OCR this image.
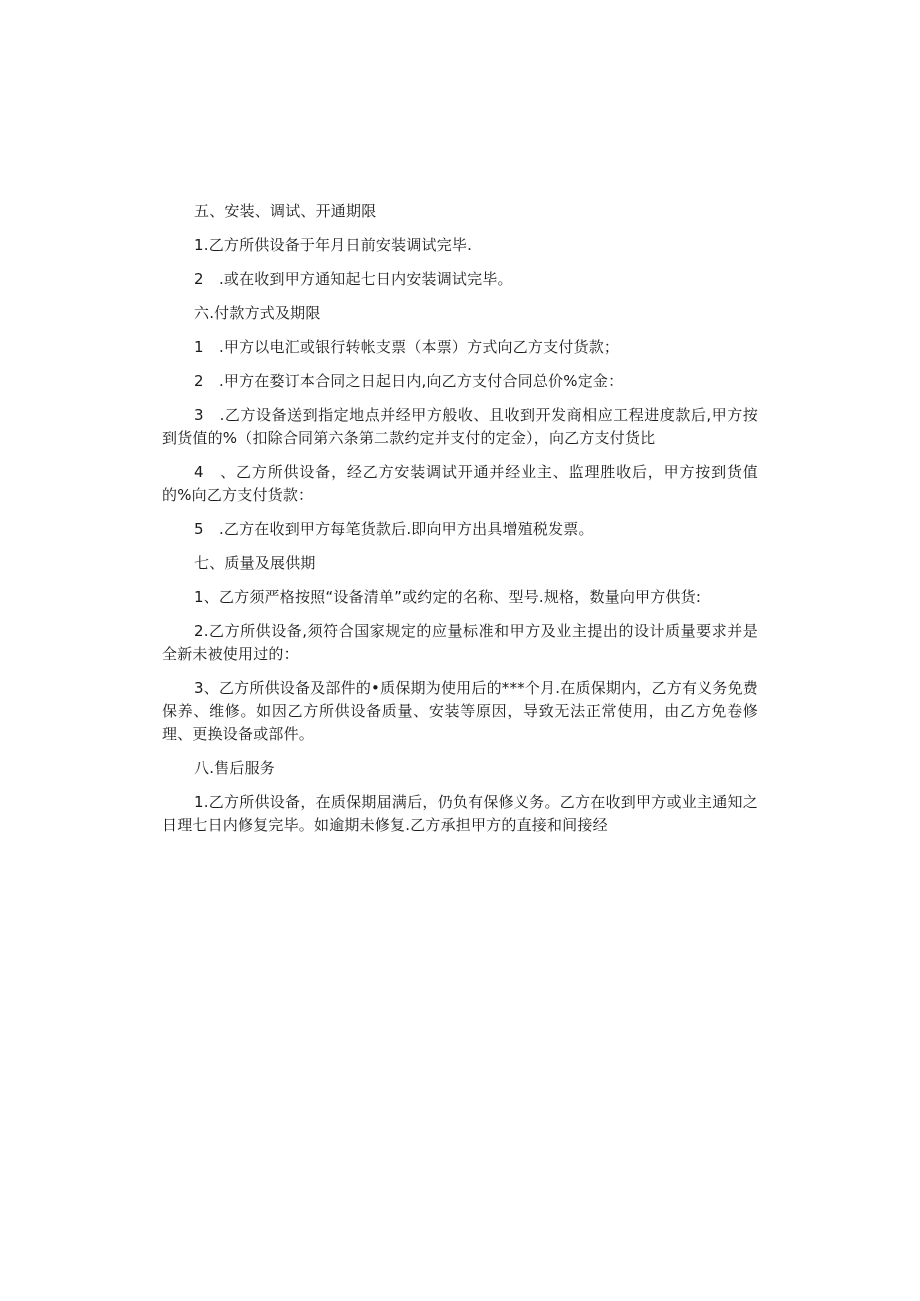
五、安装、调试、开通期限

1.乙方所供设备于年月日前安装调试完毕.

2　.或在收到甲方通知起七日内安装调试完毕。

六.付款方式及期限

1　.甲方以电汇或银行转帐支票（本票）方式向乙方支付货款；

2　.甲方在婺订本合同之日起日内,向乙方支付合同总价%定金：

3　.乙方设备送到指定地点并经甲方般收、且收到开发商相应工程进度款后,甲方按到货值的%（扣除合同第六条第二款约定并支付的定金），向乙方支付货比

4　、乙方所供设备，经乙方安装调试开通并经业主、监理胜收后，甲方按到货值的%向乙方支付货款：

5　.乙方在收到甲方每笔货款后.即向甲方出具增殖税发票。

七、质量及展供期

1、乙方须严格按照“设备清单”或约定的名称、型号.规格，数量向甲方供货:

2.乙方所供设备,须符合国家规定的应量标准和甲方及业主提出的设计质量要求并是全新未被使用过的：

3、乙方所供设备及部件的•质保期为使用后的***个月.在质保期内，乙方有义务免费保养、维修。如因乙方所供设备质量、安装等原因，导致无法正常使用，由乙方免卷修理、更换设备或部件。

八.售后服务

1.乙方所供设备，在质保期届满后，仍负有保修义务。乙方在收到甲方或业主通知之日理七日内修复完毕。如逾期未修复.乙方承担甲方的直接和间接经
